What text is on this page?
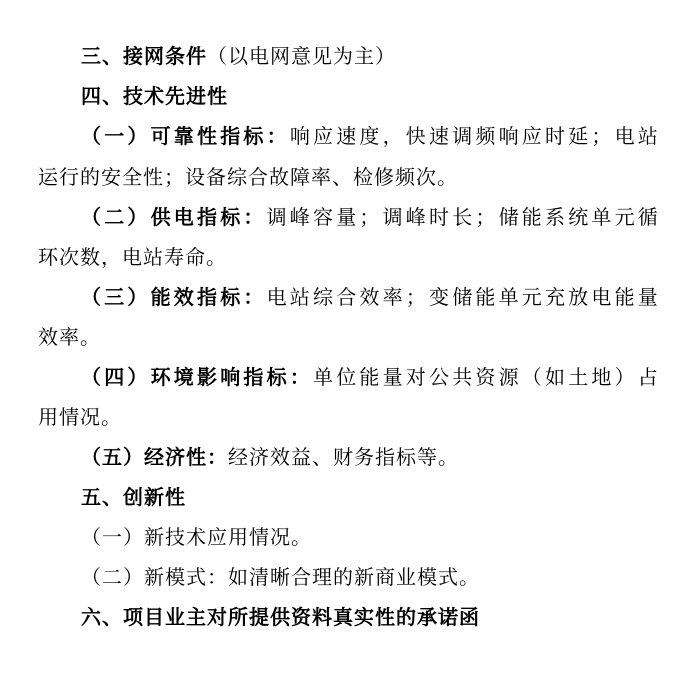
三、接网条件（以电网意见为主）
四、技术先进性
（一）可靠性指标：响应速度，快速调频响应时延；电站
运行的安全性；设备综合故障率、检修频次。
（二）供电指标：调峰容量；调峰时长；储能系统单元循
环次数，电站寿命。
（三）能效指标：电站综合效率；变储能单元充放电能量
效率。
（四）环境影响指标：单位能量对公共资源（如土地）占
用情况。
（五）经济性：经济效益、财务指标等。
五、创新性
（一）新技术应用情况。
（二）新模式：如清晰合理的新商业模式。
六、项目业主对所提供资料真实性的承诺函
